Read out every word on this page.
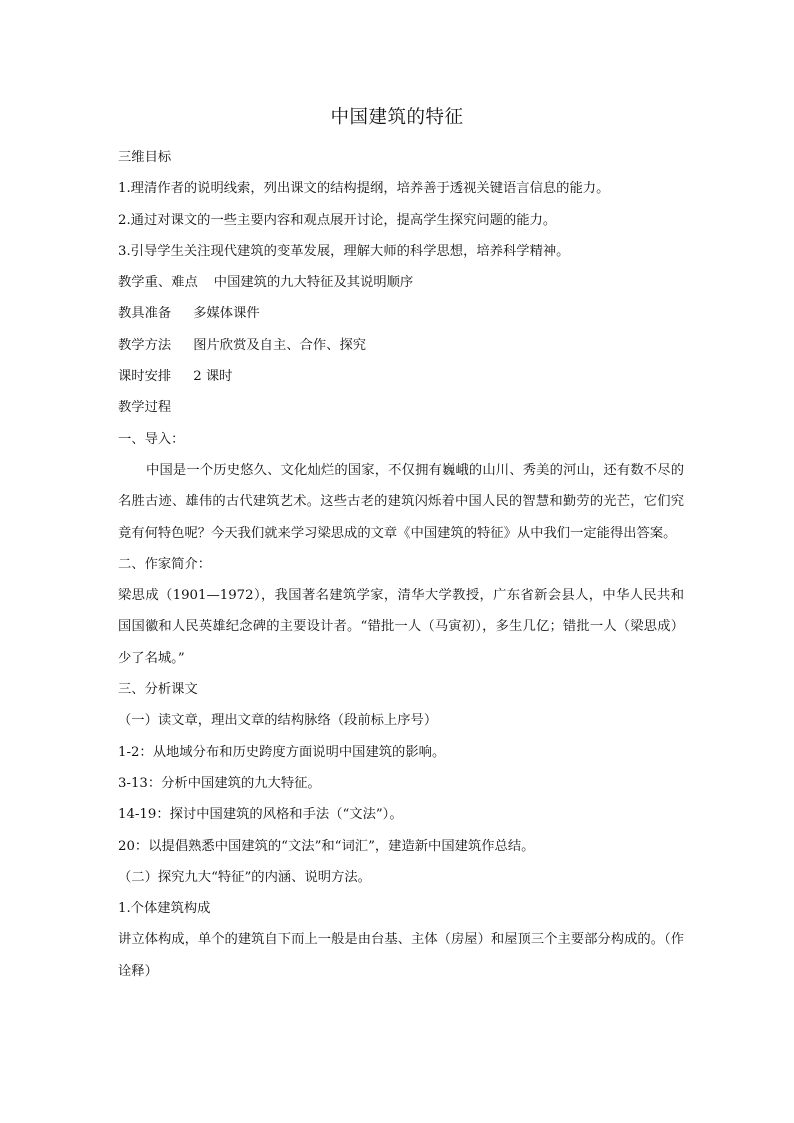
中国建筑的特征
三维目标
1.理清作者的说明线索，列出课文的结构提纲，培养善于透视关键语言信息的能力。
2.通过对课文的一些主要内容和观点展开讨论，提高学生探究问题的能力。
3.引导学生关注现代建筑的变革发展，理解大师的科学思想，培养科学精神。
教学重、难点 中国建筑的九大特征及其说明顺序
教具准备 多媒体课件
教学方法 图片欣赏及自主、合作、探究
课时安排 2 课时
教学过程
一、导入：

中国是一个历史悠久、文化灿烂的国家，不仅拥有巍峨的山川、秀美的河山，还有数不尽的名胜古迹、雄伟的古代建筑艺术。这些古老的建筑闪烁着中国人民的智慧和勤劳的光芒，它们究竟有何特色呢？今天我们就来学习梁思成的文章《中国建筑的特征》从中我们一定能得出答案。

二、作家简介：

梁思成（1901—1972），我国著名建筑学家，清华大学教授，广东省新会县人，中华人民共和国国徽和人民英雄纪念碑的主要设计者。“错批一人（马寅初），多生几亿；错批一人（梁思成）少了名城。”

三、分析课文
（一）读文章，理出文章的结构脉络（段前标上序号）
1-2：从地域分布和历史跨度方面说明中国建筑的影响。
3-13：分析中国建筑的九大特征。
14-19：探讨中国建筑的风格和手法（“文法”）。
20：以提倡熟悉中国建筑的“文法”和“词汇”，建造新中国建筑作总结。
（二）探究九大“特征”的内涵、说明方法。
1.个体建筑构成

讲立体构成，单个的建筑自下而上一般是由台基、主体（房屋）和屋顶三个主要部分构成的。（作诠释）
